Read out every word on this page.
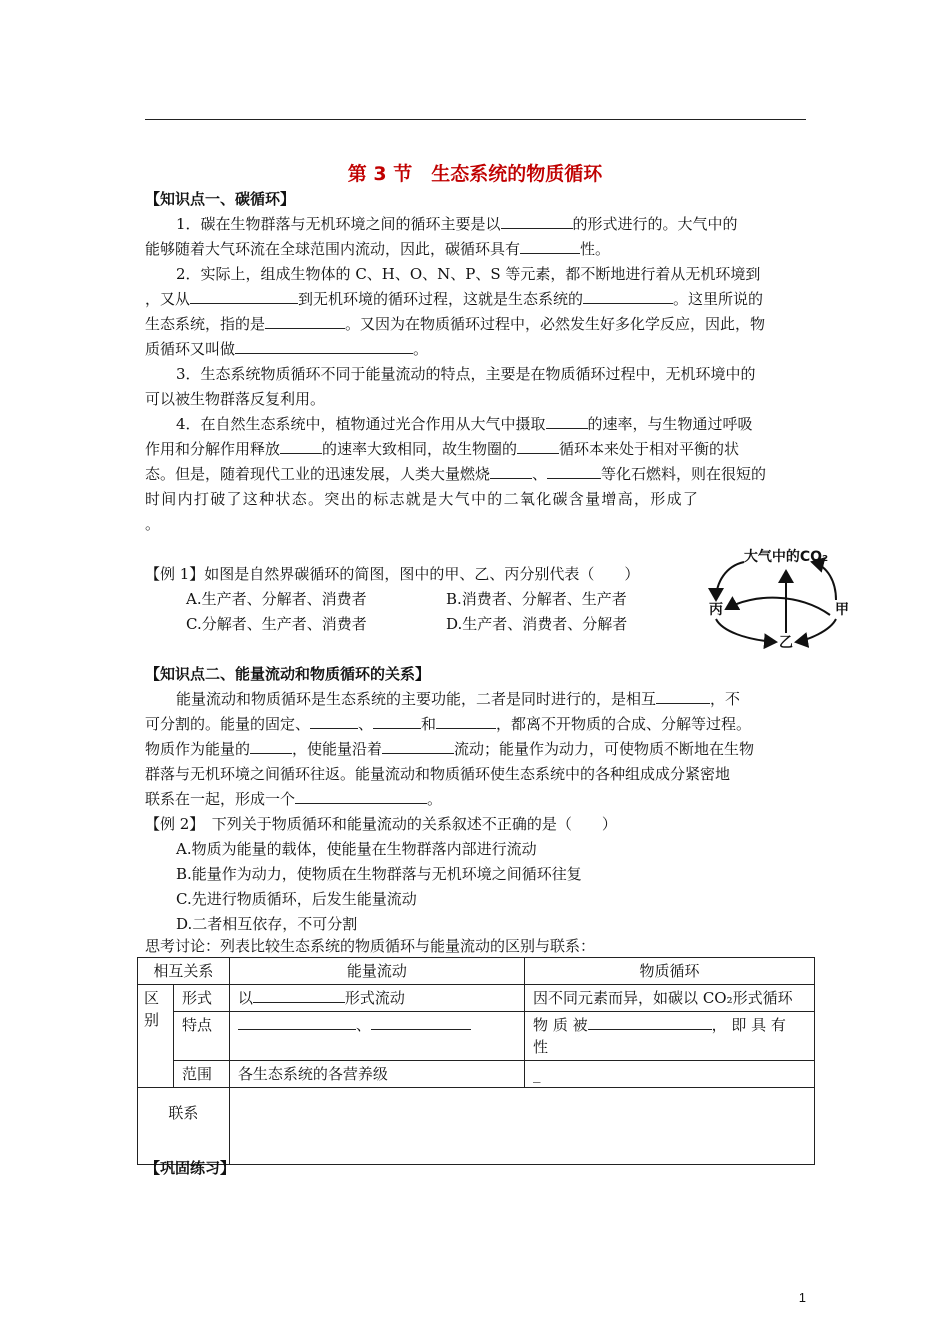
第 3 节　生态系统的物质循环
【知识点一、碳循环】
1．碳在生物群落与无机环境之间的循环主要是以	的形式进行的。大气中的
能够随着大气环流在全球范围内流动，因此，碳循环具有	性。
2．实际上，组成生物体的 C、H、O、N、P、S 等元素，都不断地进行着从无机环境到
，又从	到无机环境的循环过程，这就是生态系统的	。这里所说的
生态系统，指的是	。又因为在物质循环过程中，必然发生好多化学反应，因此，物
质循环又叫做	。
3．生态系统物质循环不同于能量流动的特点，主要是在物质循环过程中，无机环境中的
可以被生物群落反复利用。
4．在自然生态系统中，植物通过光合作用从大气中摄取	的速率，与生物通过呼吸
作用和分解作用释放	的速率大致相同，故生物圈的	循环本来处于相对平衡的状
态。但是，随着现代工业的迅速发展，人类大量燃烧	、	等化石燃料，则在很短的
时间内打破了这种状态。突出的标志就是大气中的二氧化碳含量增高，形成了
。
【例 1】如图是自然界碳循环的简图，图中的甲、乙、丙分别代表（　　）
A.生产者、分解者、消费者	B.消费者、分解者、生产者
C.分解者、生产者、消费者	D.生产者、消费者、分解者
大气中的CO₂
丙	甲
乙
【知识点二、能量流动和物质循环的关系】
能量流动和物质循环是生态系统的主要功能，二者是同时进行的，是相互	，不
可分割的。能量的固定、	、	和	，都离不开物质的合成、分解等过程。
物质作为能量的	，使能量沿着	流动；能量作为动力，可使物质不断地在生物
群落与无机环境之间循环往返。能量流动和物质循环使生态系统中的各种组成成分紧密地
联系在一起，形成一个	。
【例 2】　下列关于物质循环和能量流动的关系叙述不正确的是（　　）
A.物质为能量的载体，使能量在生物群落内部进行流动
B.能量作为动力，使物质在生物群落与无机环境之间循环往复
C.先进行物质循环，后发生能量流动
D.二者相互依存，不可分割
思考讨论：列表比较生态系统的物质循环与能量流动的区别与联系：
相互关系		能量流动	物质循环
区别	形式	以 形式流动	因不同元素而异，如碳以 CO₂形式循环
	特点	、	物 质 被 ， 即 具 有
性
	范围	各生态系统的各营养级	_
联系			
【巩固练习】
1
